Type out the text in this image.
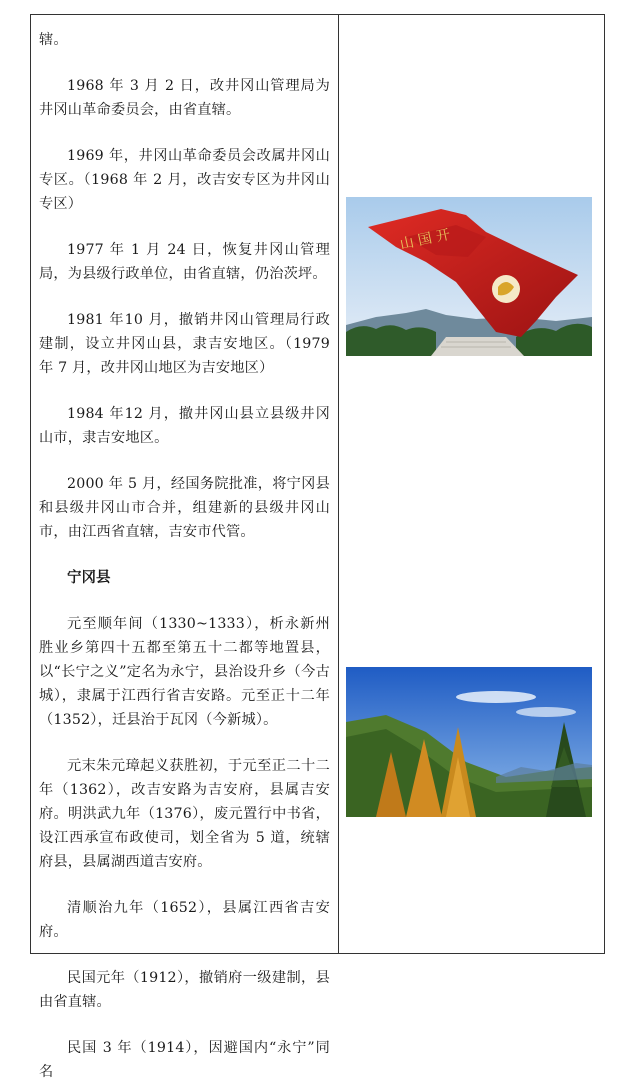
辖。

1968 年 3 月 2 日，改井冈山管理局为井冈山革命委员会，由省直辖。

1969 年，井冈山革命委员会改属井冈山专区。（1968 年 2 月，改吉安专区为井冈山专区）

1977 年 1 月 24 日，恢复井冈山管理局，为县级行政单位，由省直辖，仍治茨坪。

1981 年10 月，撤销井冈山管理局行政建制，设立井冈山县，隶吉安地区。（1979 年 7 月，改井冈山地区为吉安地区）

1984 年12 月，撤井冈山县立县级井冈山市，隶吉安地区。

2000 年 5 月，经国务院批准，将宁冈县和县级井冈山市合并，组建新的县级井冈山市，由江西省直辖，吉安市代管。

宁冈县

元至顺年间（1330~1333），析永新州胜业乡第四十五都至第五十二都等地置县，以“长宁之义”定名为永宁，县治设升乡（今古城），隶属于江西行省吉安路。元至正十二年（1352），迁县治于瓦冈（今新城）。

元末朱元璋起义获胜初，于元至正二十二年（1362），改吉安路为吉安府，县属吉安府。明洪武九年（1376），废元置行中书省，设江西承宣布政使司，划全省为 5 道，统辖府县，县属湖西道吉安府。

清顺治九年（1652），县属江西省吉安府。

民国元年（1912），撤销府一级建制，县由省直辖。

民国 3 年（1914），因避国内“永宁”同名

山 国 开
